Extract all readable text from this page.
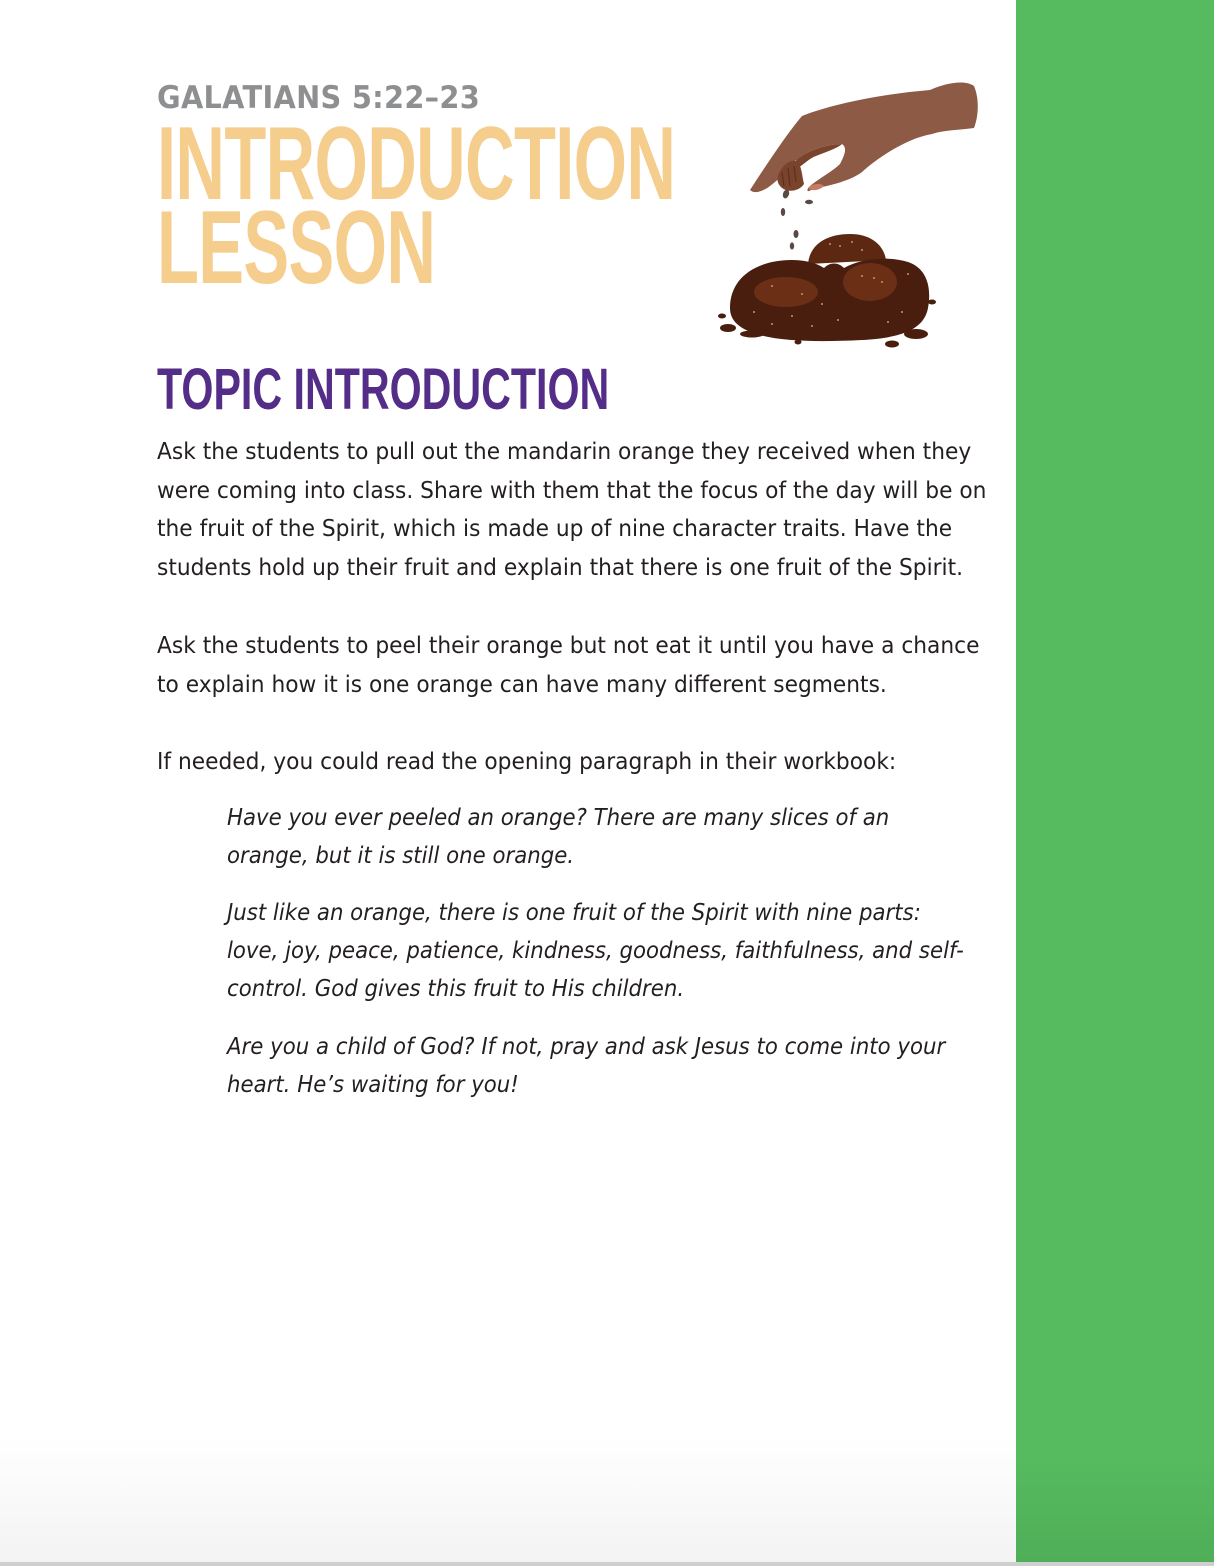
GALATIANS 5:22–23
INTRODUCTION
LESSON
TOPIC INTRODUCTION

Ask the students to pull out the mandarin orange they received when they were coming into class. Share with them that the focus of the day will be on the fruit of the Spirit, which is made up of nine character traits. Have the students hold up their fruit and explain that there is one fruit of the Spirit.

Ask the students to peel their orange but not eat it until you have a chance to explain how it is one orange can have many different segments.

If needed, you could read the opening paragraph in their workbook:

Have you ever peeled an orange? There are many slices of an orange, but it is still one orange.

Just like an orange, there is one fruit of the Spirit with nine parts: love, joy, peace, patience, kindness, goodness, faithfulness, and self-control. God gives this fruit to His children.

Are you a child of God? If not, pray and ask Jesus to come into your heart. He’s waiting for you!
